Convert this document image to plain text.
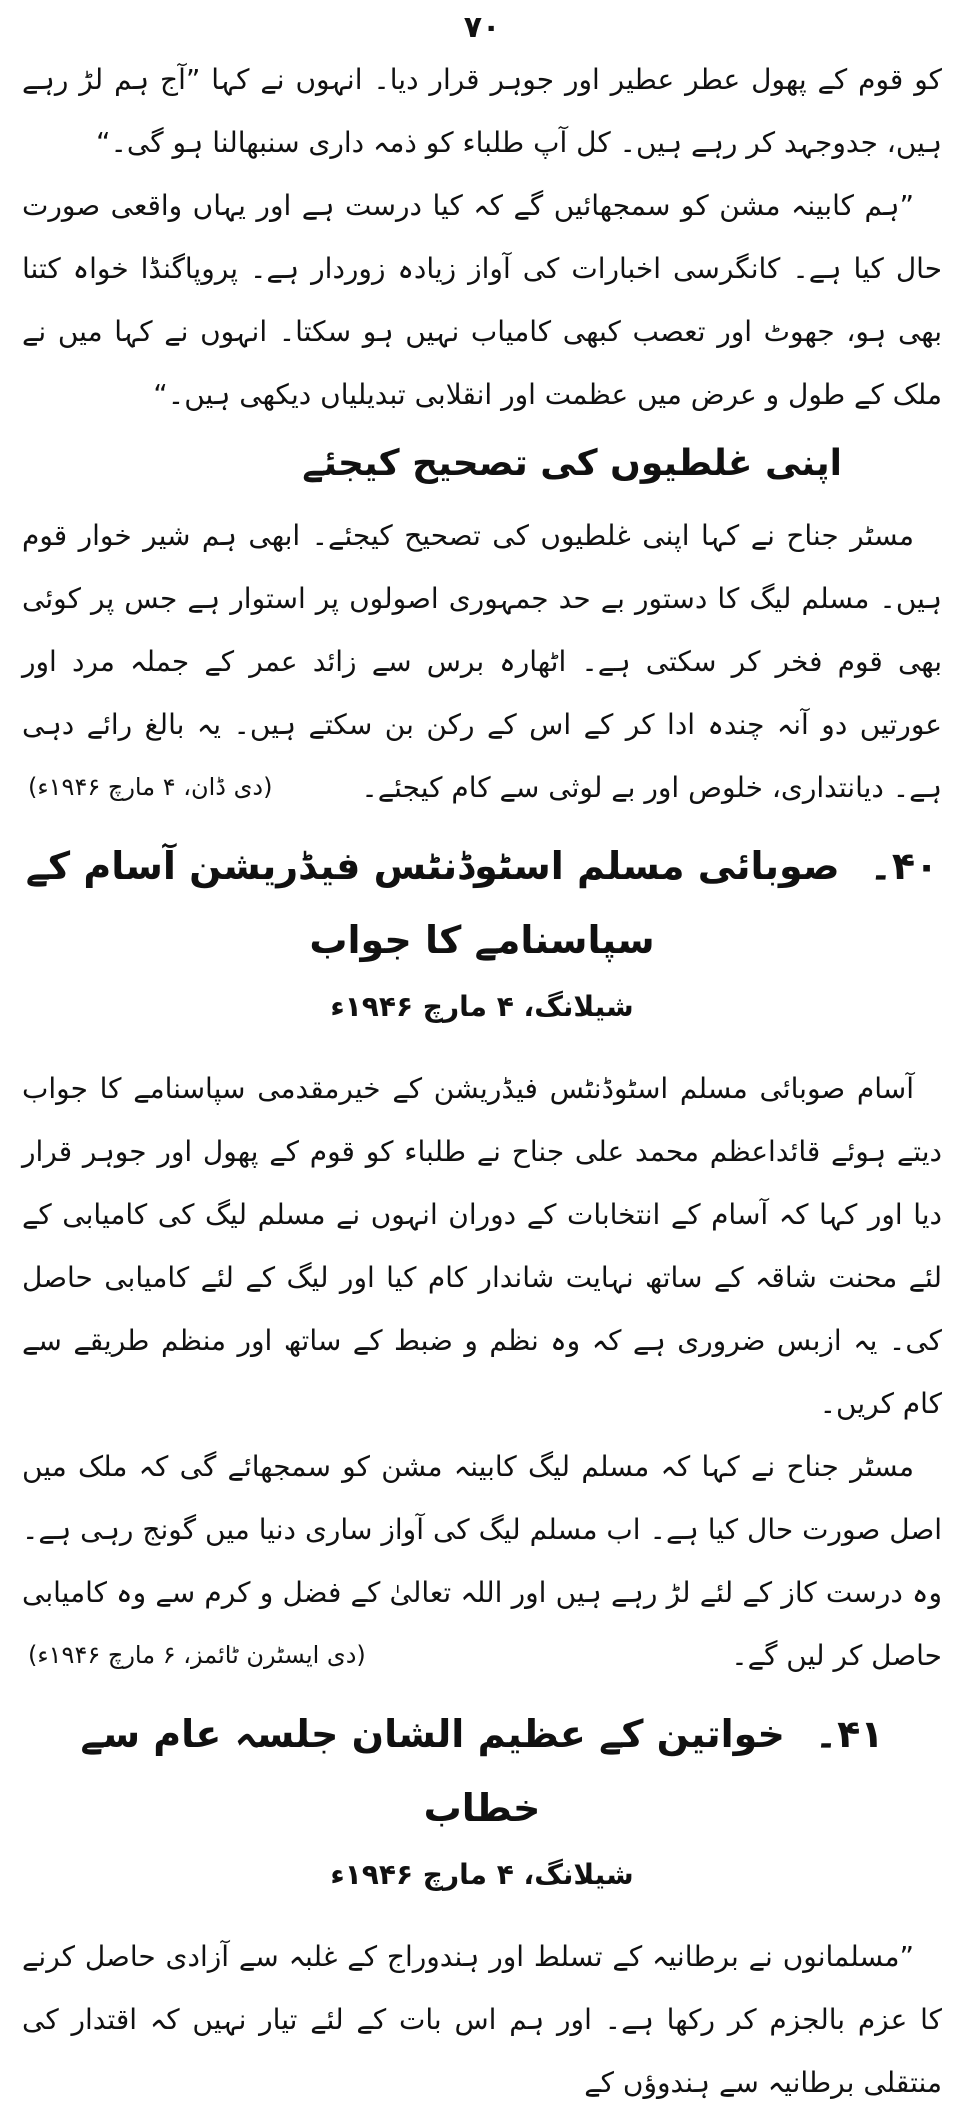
۷۰

کو قوم کے پھول عطر عطیر اور جوہر قرار دیا۔ انہوں نے کہا ”آج ہم لڑ رہے ہیں، جدوجہد کر رہے ہیں۔ کل آپ طلباء کو ذمہ داری سنبھالنا ہو گی۔“

”ہم کابینہ مشن کو سمجھائیں گے کہ کیا درست ہے اور یہاں واقعی صورت حال کیا ہے۔ کانگرسی اخبارات کی آواز زیادہ زوردار ہے۔ پروپاگنڈا خواہ کتنا بھی ہو، جھوٹ اور تعصب کبھی کامیاب نہیں ہو سکتا۔ انہوں نے کہا میں نے ملک کے طول و عرض میں عظمت اور انقلابی تبدیلیاں دیکھی ہیں۔“

اپنی غلطیوں کی تصحیح کیجئے

مسٹر جناح نے کہا اپنی غلطیوں کی تصحیح کیجئے۔ ابھی ہم شیر خوار قوم ہیں۔ مسلم لیگ کا دستور بے حد جمہوری اصولوں پر استوار ہے جس پر کوئی بھی قوم فخر کر سکتی ہے۔ اٹھارہ برس سے زائد عمر کے جملہ مرد اور عورتیں دو آنہ چندہ ادا کر کے اس کے رکن بن سکتے ہیں۔ یہ بالغ رائے دہی ہے۔ دیانتداری، خلوص اور بے لوثی سے کام کیجئے۔
(دی ڈان، ۴ مارچ ۱۹۴۶ء)

۴۰۔صوبائی مسلم اسٹوڈنٹس فیڈریشن آسام کے سپاسنامے کا جواب
شیلانگ، ۴ مارچ ۱۹۴۶ء

آسام صوبائی مسلم اسٹوڈنٹس فیڈریشن کے خیرمقدمی سپاسنامے کا جواب دیتے ہوئے قائداعظم محمد علی جناح نے طلباء کو قوم کے پھول اور جوہر قرار دیا اور کہا کہ آسام کے انتخابات کے دوران انہوں نے مسلم لیگ کی کامیابی کے لئے محنت شاقہ کے ساتھ نہایت شاندار کام کیا اور لیگ کے لئے کامیابی حاصل کی۔ یہ ازبس ضروری ہے کہ وہ نظم و ضبط کے ساتھ اور منظم طریقے سے کام کریں۔

مسٹر جناح نے کہا کہ مسلم لیگ کابینہ مشن کو سمجھائے گی کہ ملک میں اصل صورت حال کیا ہے۔ اب مسلم لیگ کی آواز ساری دنیا میں گونج رہی ہے۔ وہ درست کاز کے لئے لڑ رہے ہیں اور اللہ تعالیٰ کے فضل و کرم سے وہ کامیابی حاصل کر لیں گے۔
(دی ایسٹرن ٹائمز، ۶ مارچ ۱۹۴۶ء)

۴۱۔خواتین کے عظیم الشان جلسہ عام سے خطاب
شیلانگ، ۴ مارچ ۱۹۴۶ء

”مسلمانوں نے برطانیہ کے تسلط اور ہندوراج کے غلبہ سے آزادی حاصل کرنے کا عزم بالجزم کر رکھا ہے۔ اور ہم اس بات کے لئے تیار نہیں کہ اقتدار کی منتقلی برطانیہ سے ہندوؤں کے
